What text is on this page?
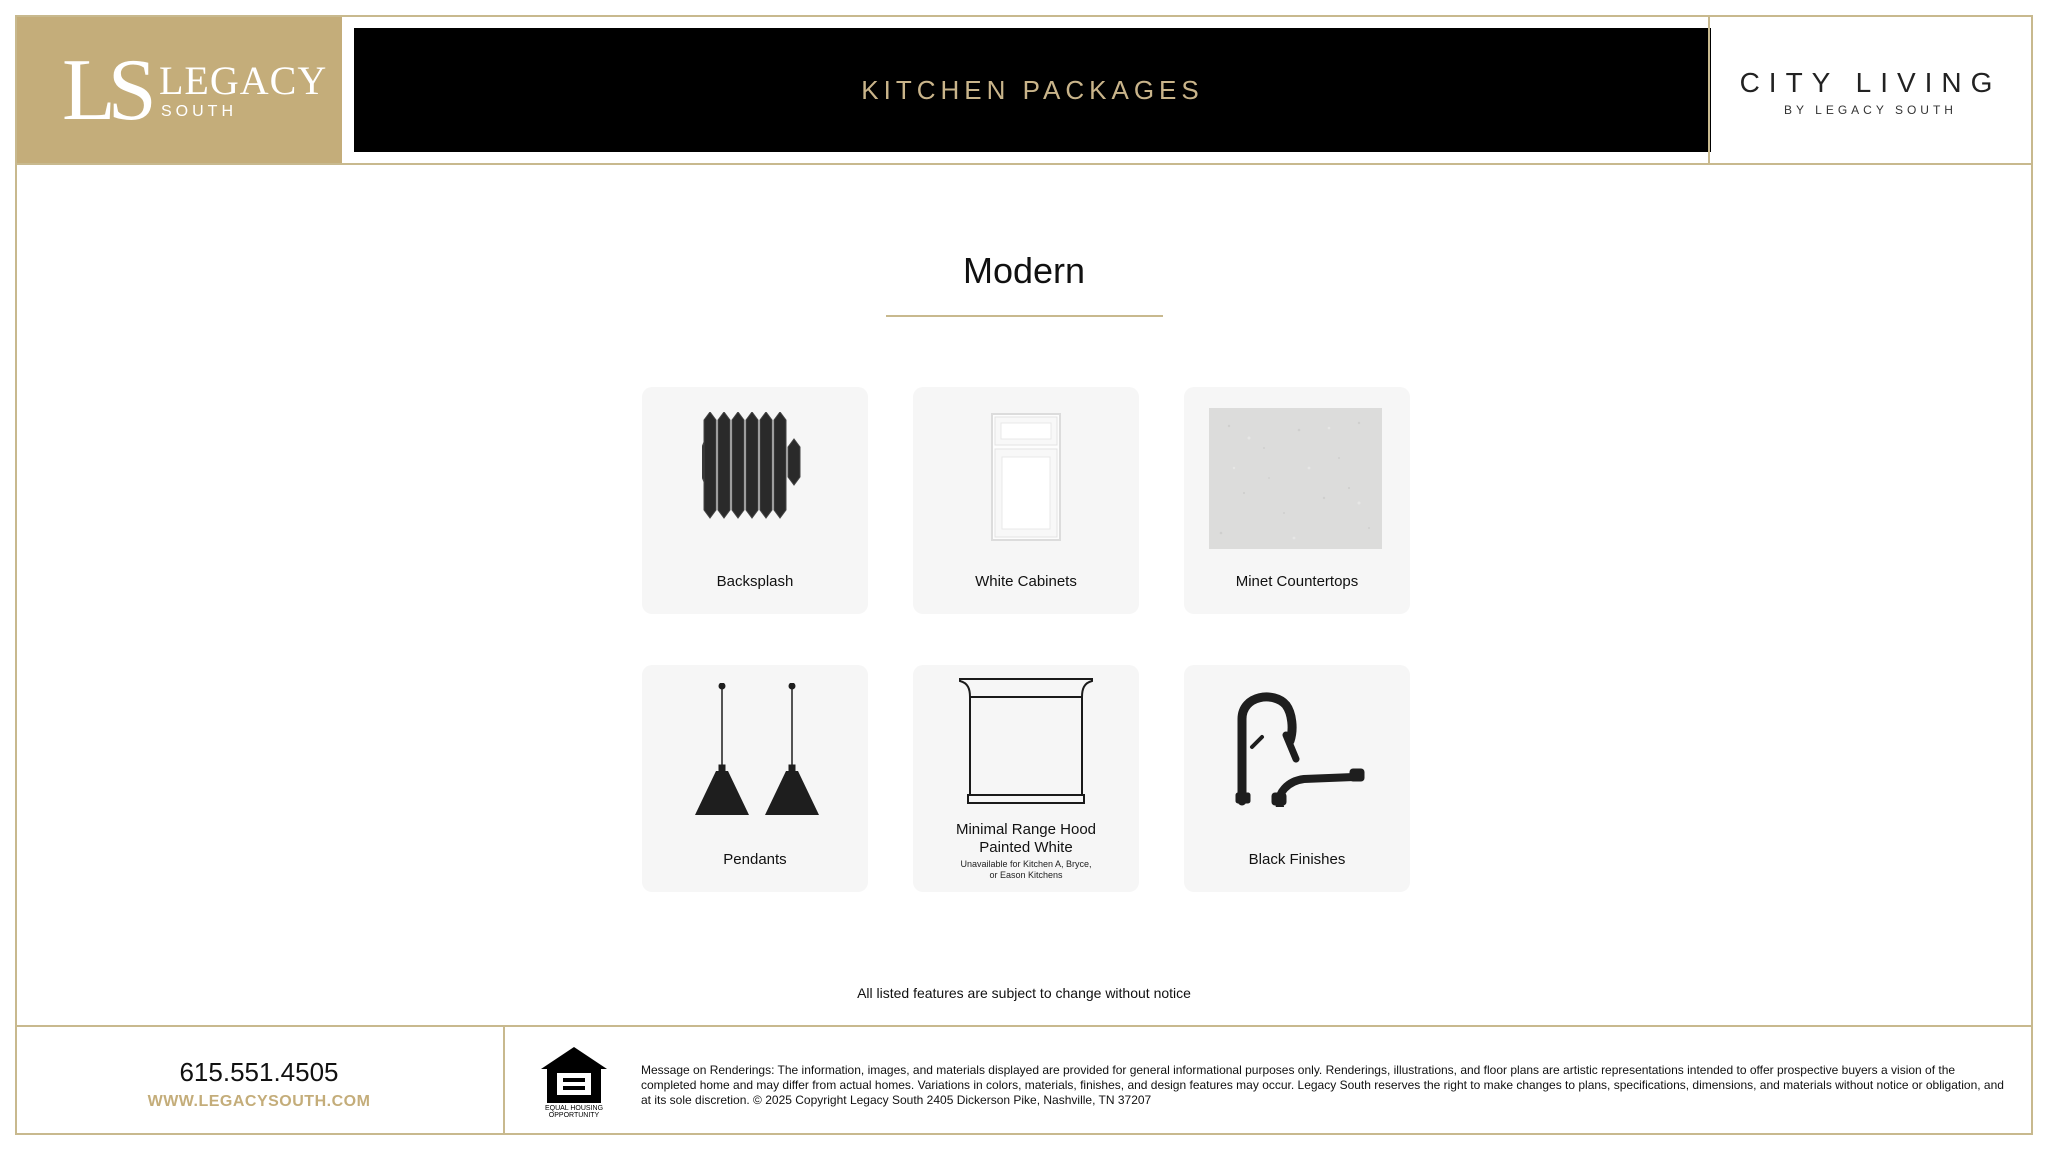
LS LEGACY
SOUTH
KITCHEN PACKAGES	CITY LIVING
BY LEGACY SOUTH
Modern
Backsplash	White Cabinets	Minet Countertops
Pendants
Minimal Range Hood
Painted White
Unavailable for Kitchen A, Bryce,
or Eason Kitchens
Black Finishes
All listed features are subject to change without notice
615.551.4505
WWW.LEGACYSOUTH.COM	EQUAL HOUSING
OPPORTUNITY
Message on Renderings: The information, images, and materials displayed are provided for general informational purposes only. Renderings, illustrations, and floor plans are artistic representations intended to offer prospective buyers a vision of the completed home and may differ from actual homes. Variations in colors, materials, finishes, and design features may occur. Legacy South reserves the right to make changes to plans, specifications, dimensions, and materials without notice or obligation, and at its sole discretion. © 2025 Copyright Legacy South 2405 Dickerson Pike, Nashville, TN 37207
